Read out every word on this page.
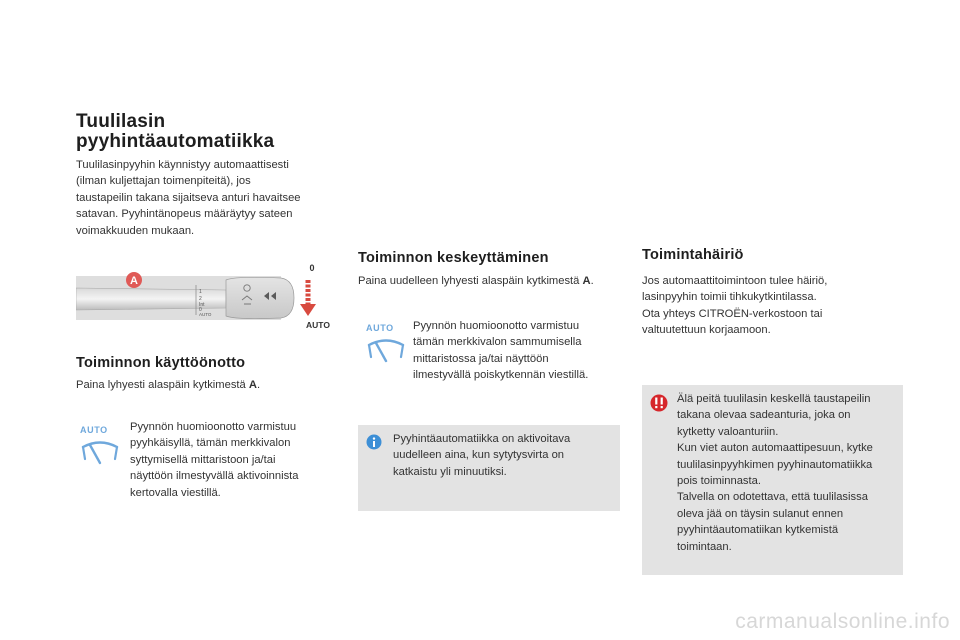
Tuulilasin
pyyhintäautomatiikka
Tuulilasinpyyhin käynnistyy automaattisesti
(ilman kuljettajan toimenpiteitä), jos
taustapeilin takana sijaitseva anturi havaitsee
satavan. Pyyhintänopeus määräytyy sateen
voimakkuuden mukaan.
1
2
Int
0
AUTO
A
0
AUTO
Toiminnon käyttöönotto
Paina lyhyesti alaspäin kytkimestä A.
AUTO	Pyynnön huomioonotto varmistuu
pyyhkäisyllä, tämän merkkivalon
syttymisellä mittaristoon ja/tai
näyttöön ilmestyvällä aktivoinnista
kertovalla viestillä.
Toiminnon keskeyttäminen
Paina uudelleen lyhyesti alaspäin kytkimestä A.
AUTO	Pyynnön huomioonotto varmistuu
tämän merkkivalon sammumisella
mittaristossa ja/tai näyttöön
ilmestyvällä poiskytkennän viestillä.
Pyyhintäautomatiikka on aktivoitava
uudelleen aina, kun sytytysvirta on
katkaistu yli minuutiksi.
Toimintahäiriö
Jos automaattitoimintoon tulee häiriö,
lasinpyyhin toimii tihkukytkintilassa.
Ota yhteys CITROËN-verkostoon tai
valtuutettuun korjaamoon.
Älä peitä tuulilasin keskellä taustapeilin
takana olevaa sadeanturia, joka on
kytketty valoanturiin.
Kun viet auton automaattipesuun, kytke
tuulilasinpyyhkimen pyyhinautomatiikka
pois toiminnasta.
Talvella on odotettava, että tuulilasissa
oleva jää on täysin sulanut ennen
pyyhintäautomatiikan kytkemistä
toimintaan.
carmanualsonline.info
